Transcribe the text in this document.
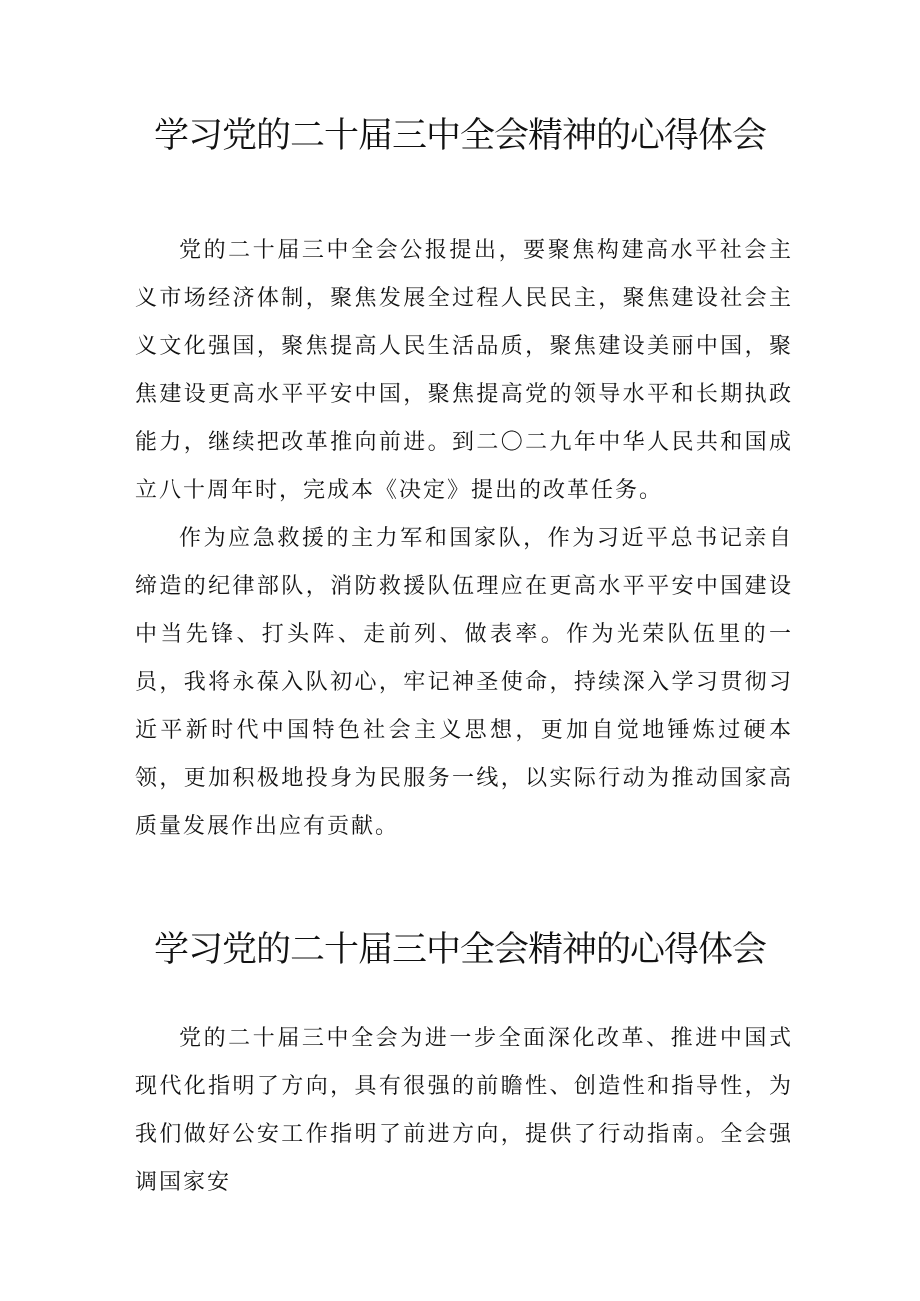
学习党的二十届三中全会精神的心得体会

党的二十届三中全会公报提出，要聚焦构建高水平社会主义市场经济体制，聚焦发展全过程人民民主，聚焦建设社会主义文化强国，聚焦提高人民生活品质，聚焦建设美丽中国，聚焦建设更高水平平安中国，聚焦提高党的领导水平和长期执政能力，继续把改革推向前进。到二〇二九年中华人民共和国成立八十周年时，完成本《决定》提出的改革任务。

作为应急救援的主力军和国家队，作为习近平总书记亲自缔造的纪律部队，消防救援队伍理应在更高水平平安中国建设中当先锋、打头阵、走前列、做表率。作为光荣队伍里的一员，我将永葆入队初心，牢记神圣使命，持续深入学习贯彻习近平新时代中国特色社会主义思想，更加自觉地锤炼过硬本领，更加积极地投身为民服务一线，以实际行动为推动国家高质量发展作出应有贡献。

学习党的二十届三中全会精神的心得体会

党的二十届三中全会为进一步全面深化改革、推进中国式现代化指明了方向，具有很强的前瞻性、创造性和指导性，为我们做好公安工作指明了前进方向，提供了行动指南。全会强调国家安
